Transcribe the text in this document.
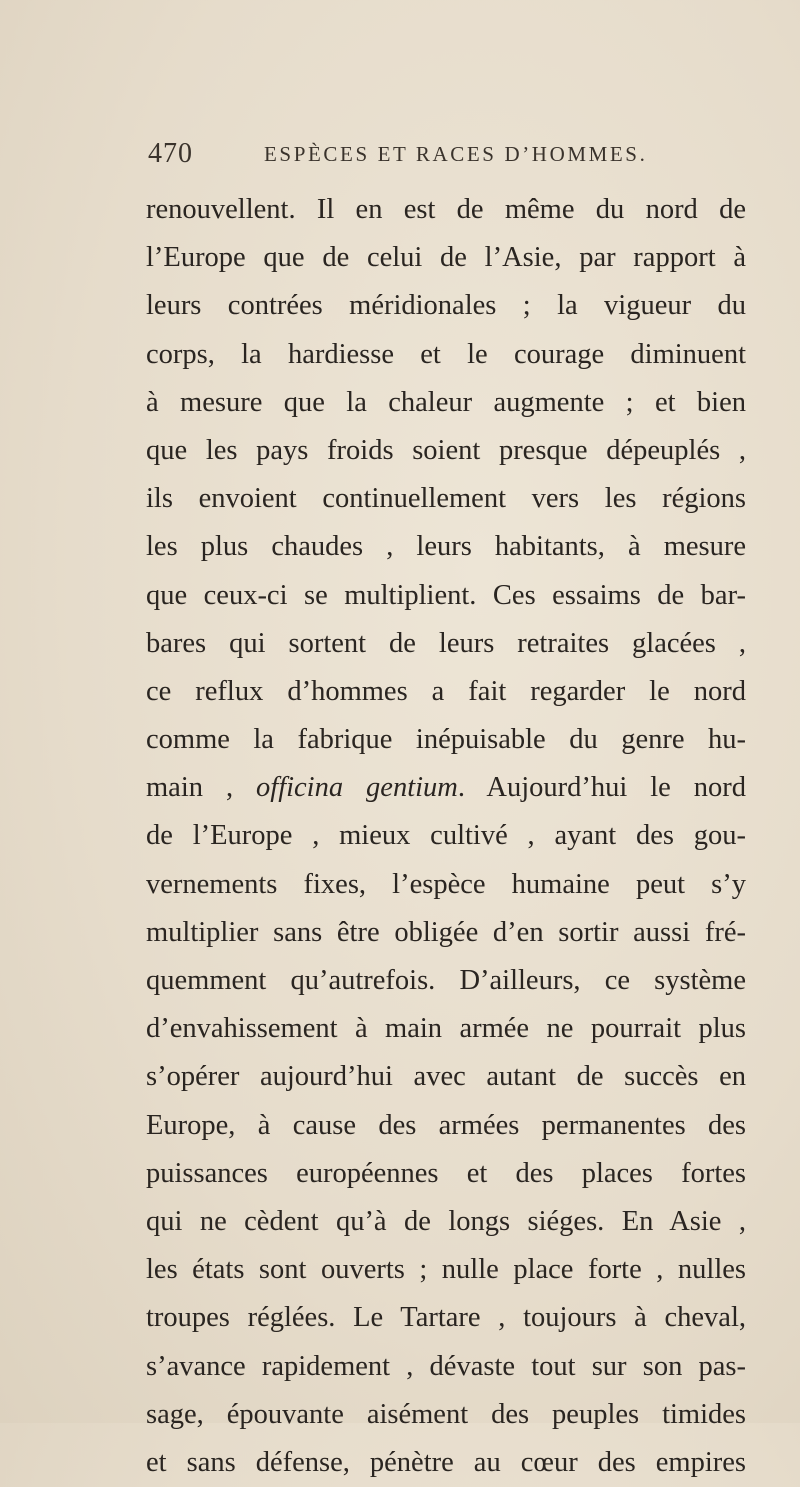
470	ESPÈCES ET RACES D’HOMMES.
renouvellent. Il en est de même du nord de
l’Europe que de celui de l’Asie, par rapport à
leurs contrées méridionales ; la vigueur du
corps, la hardiesse et le courage diminuent
à mesure que la chaleur augmente ; et bien
que les pays froids soient presque dépeuplés ,
ils envoient continuellement vers les régions
les plus chaudes , leurs habitants, à mesure
que ceux-ci se multiplient. Ces essaims de bar-
bares qui sortent de leurs retraites glacées ,
ce reflux d’hommes a fait regarder le nord
comme la fabrique inépuisable du genre hu-
main , officina gentium. Aujourd’hui le nord
de l’Europe , mieux cultivé , ayant des gou-
vernements fixes, l’espèce humaine peut s’y
multiplier sans être obligée d’en sortir aussi fré-
quemment qu’autrefois. D’ailleurs, ce système
d’envahissement à main armée ne pourrait plus
s’opérer aujourd’hui avec autant de succès en
Europe, à cause des armées permanentes des
puissances européennes et des places fortes
qui ne cèdent qu’à de longs siéges. En Asie ,
les états sont ouverts ; nulle place forte , nulles
troupes réglées. Le Tartare , toujours à cheval,
s’avance rapidement , dévaste tout sur son pas-
sage, épouvante aisément des peuples timides
et sans défense, pénètre au cœur des empires
